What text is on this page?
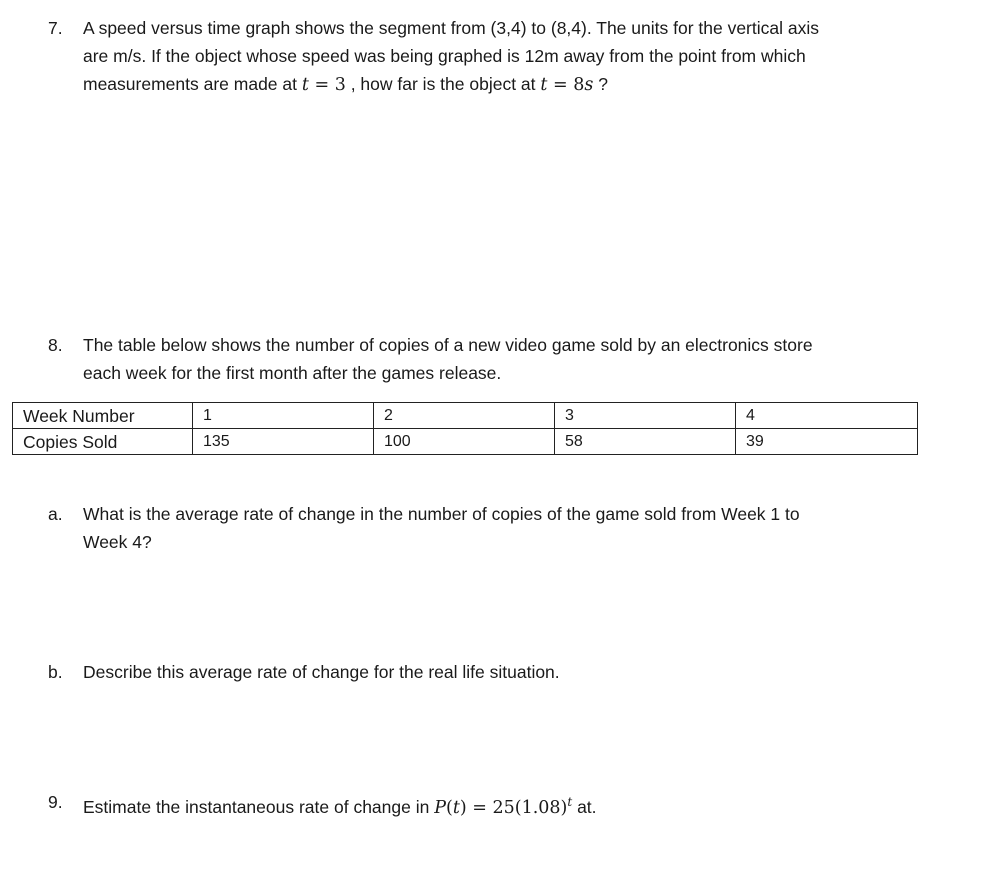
7. A speed versus time graph shows the segment from (3,4) to (8,4). The units for the vertical axis
are m/s. If the object whose speed was being graphed is 12m away from the point from which
measurements are made at t = 3 , how far is the object at t = 8s ?
8. The table below shows the number of copies of a new video game sold by an electronics store
each week for the first month after the games release.
Week Number	1	2	3	4
Copies Sold	135	100	58	39
a. What is the average rate of change in the number of copies of the game sold from Week 1 to
Week 4?
b. Describe this average rate of change for the real life situation.
9. Estimate the instantaneous rate of change in $P(t) = 25(1.08)^t$ at.
